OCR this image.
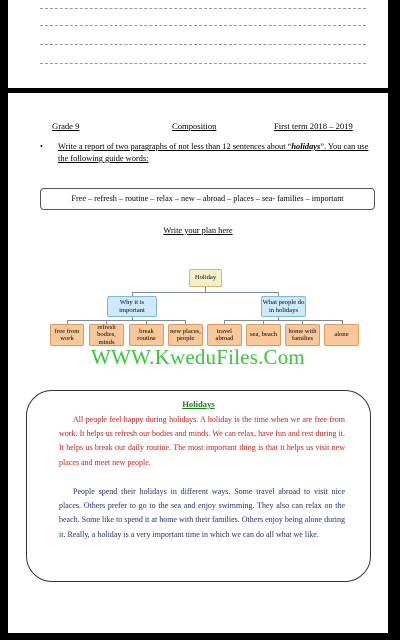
Grade 9	Composition	First term 2018 – 2019
• Write a report of two paragraphs of not less than 12 sentences about “holidays”. You can use the following guide words:
Free – refresh – routine – relax – new – abroad – places – sea- families – important
Write your plan here
Holiday
Why it is important
What people do in holidays
free from work
refresh bodies, minds
break routine
new places, people
travel abroad
sea, beach
home with families
alone
WWW.KweduFiles.Com
Holidays
All people feel happy during holidays. A holiday is the time when we are free from work. It helps us refresh our bodies and minds. We can relax, have fun and rest during it. It helps us break our daily routine. The most important thing is that it helps us visit new places and meet new people.
People spend their holidays in different ways. Some travel abroad to visit nice places. Others prefer to go to the sea and enjoy swimming. They also can relax on the beach. Some like to spend it at home with their families. Others enjoy being alone during it. Really, a holiday is a very important time in which we can do all what we like.
